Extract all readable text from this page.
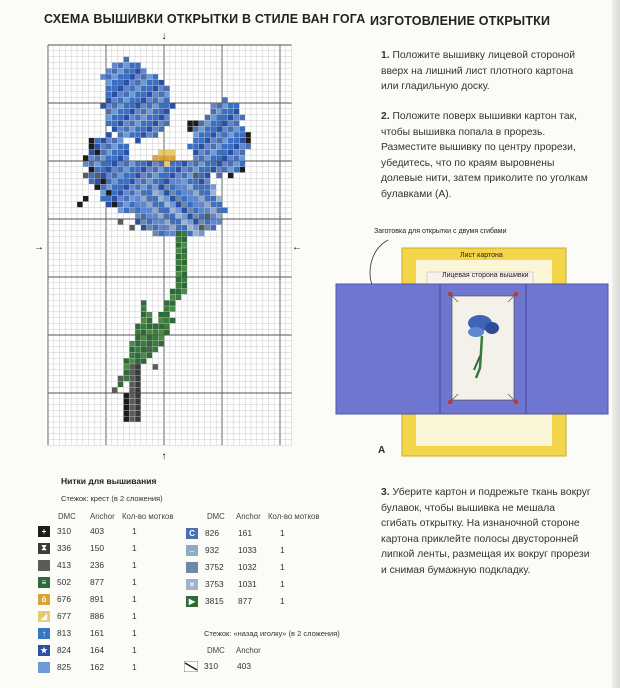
СХЕМА ВЫШИВКИ ОТКРЫТКИ В СТИЛЕ ВАН ГОГА
↓
↑
→	←
ИЗГОТОВЛЕНИЕ ОТКРЫТКИ
1. Положите вышивку лицевой стороной вверх на лишний лист плотного картона или гладильную доску.
2. Положите поверх вышивки картон так, чтобы вышивка попала в прорезь. Разместите вышивку по центру прорези, убедитесь, что по краям выровнены долевые нити, затем приколите по уголкам булавками (А).
Заготовка для открытки с двумя сгибами
Лист картона
Лицевая сторона вышивки
А
3. Уберите картон и подрежьте ткань вокруг булавок, чтобы вышивка не мешала сгибать открытку. На изнаночной стороне картона приклейте полосы двусторонней липкой ленты, размещая их вокруг прорези и снимая бумажную подкладку.
Нитки для вышивания
Стежок: крест (в 2 сложения)
DMC Anchor Кол-во мотков	DMC Anchor Кол-во мотков
+	310	403	1
⧗	336	150	1
413	236	1
≡	502	877	1
ò	676	891	1
◢	677	886	1
↑	813	161	1
★ 824	164	1
825	162	1
C	826	161	1
↔ 932	1033	1
3752	1032	1
×	3753	1031	1
▶	3815	877	1
Стежок: «назад иголку» (в 2 сложения)
DMC Anchor
310	403
